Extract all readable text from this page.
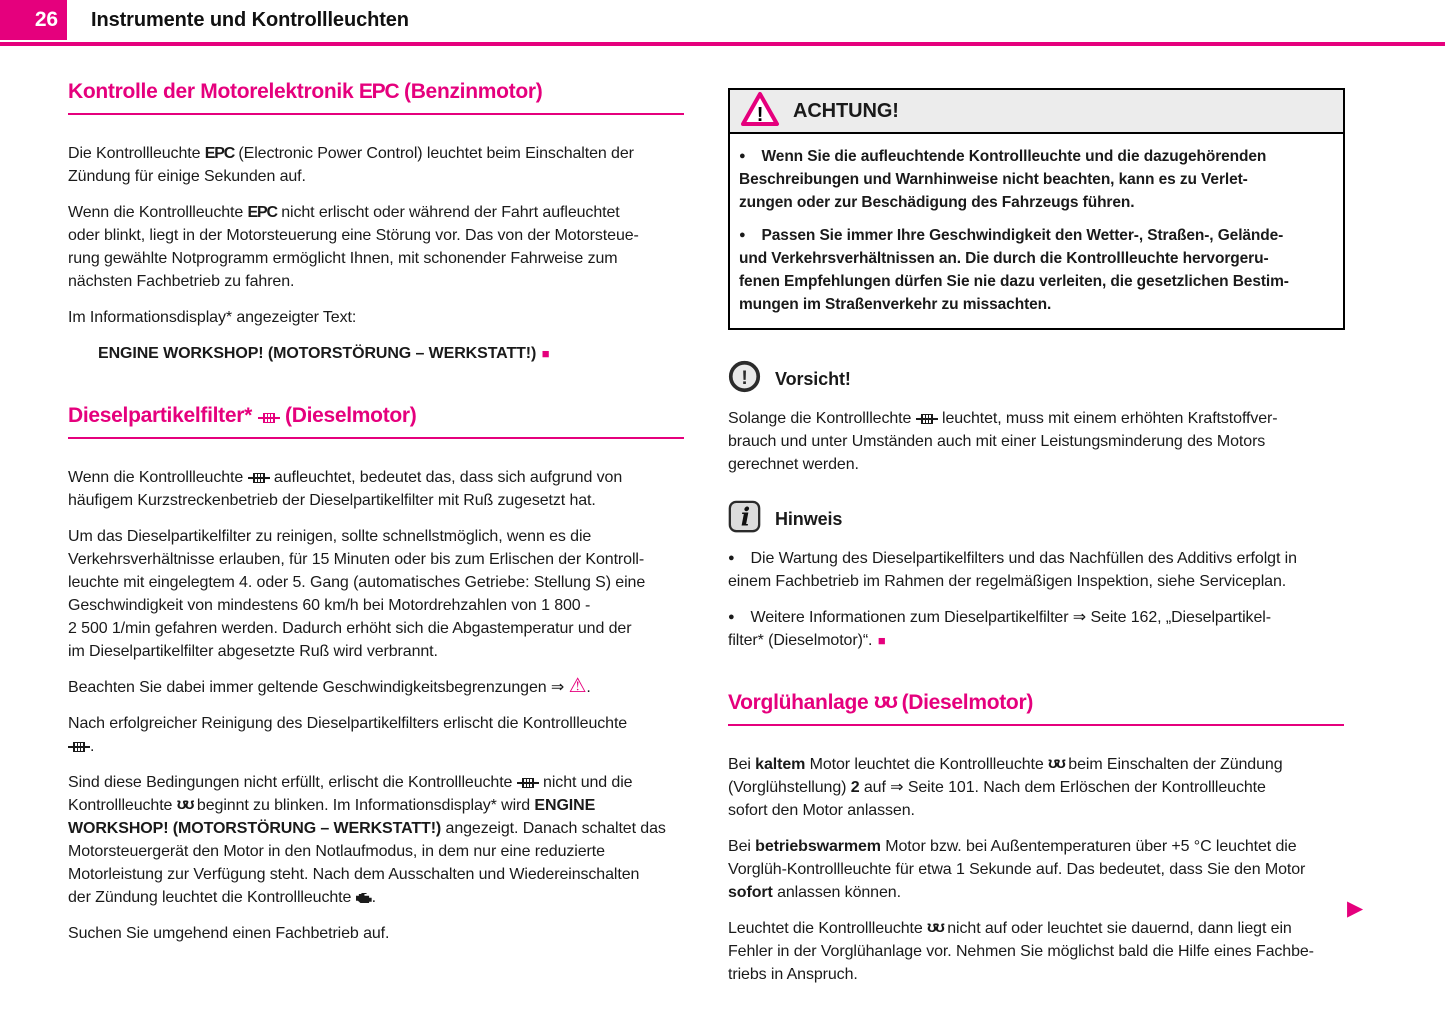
26	Instrumente und Kontrollleuchten
Kontrolle der Motorelektronik EPC (Benzinmotor)

Die Kontrollleuchte EPC (Electronic Power Control) leuchtet beim Einschalten der
Zündung für einige Sekunden auf.

Wenn die Kontrollleuchte EPC nicht erlischt oder während der Fahrt aufleuchtet
oder blinkt, liegt in der Motorsteuerung eine Störung vor. Das von der Motorsteue-
rung gewählte Notprogramm ermöglicht Ihnen, mit schonender Fahrweise zum
nächsten Fachbetrieb zu fahren.

Im Informationsdisplay* angezeigter Text:

ENGINE WORKSHOP! (MOTORSTÖRUNG – WERKSTATT!) ■

Dieselpartikelfilter*  (Dieselmotor)

Wenn die Kontrollleuchte  aufleuchtet, bedeutet das, dass sich aufgrund von
häufigem Kurzstreckenbetrieb der Dieselpartikelfilter mit Ruß zugesetzt hat.

Um das Dieselpartikelfilter zu reinigen, sollte schnellstmöglich, wenn es die
Verkehrsverhältnisse erlauben, für 15 Minuten oder bis zum Erlischen der Kontroll-
leuchte mit eingelegtem 4. oder 5. Gang (automatisches Getriebe: Stellung S) eine
Geschwindigkeit von mindestens 60 km/h bei Motordrehzahlen von 1 800 -
2 500 1/min gefahren werden. Dadurch erhöht sich die Abgastemperatur und der
im Dieselpartikelfilter abgesetzte Ruß wird verbrannt.

Beachten Sie dabei immer geltende Geschwindigkeitsbegrenzungen ⇒ ⚠.

Nach erfolgreicher Reinigung des Dieselpartikelfilters erlischt die Kontrollleuchte
.

Sind diese Bedingungen nicht erfüllt, erlischt die Kontrollleuchte  nicht und die
Kontrollleuchte ʊʊ beginnt zu blinken. Im Informationsdisplay* wird ENGINE
WORKSHOP! (MOTORSTÖRUNG – WERKSTATT!) angezeigt. Danach schaltet das
Motorsteuergerät den Motor in den Notlaufmodus, in dem nur eine reduzierte
Motorleistung zur Verfügung steht. Nach dem Ausschalten und Wiedereinschalten
der Zündung leuchtet die Kontrollleuchte .

Suchen Sie umgehend einen Fachbetrieb auf.

! ACHTUNG!

● Wenn Sie die aufleuchtende Kontrollleuchte und die dazugehörenden
Beschreibungen und Warnhinweise nicht beachten, kann es zu Verlet-
zungen oder zur Beschädigung des Fahrzeugs führen.

● Passen Sie immer Ihre Geschwindigkeit den Wetter-, Straßen-, Gelände-
und Verkehrsverhältnissen an. Die durch die Kontrollleuchte hervorgeru-
fenen Empfehlungen dürfen Sie nie dazu verleiten, die gesetzlichen Bestim-
mungen im Straßenverkehr zu missachten.

! Vorsicht!

Solange die Kontrolllechte  leuchtet, muss mit einem erhöhten Kraftstoffver-
brauch und unter Umständen auch mit einer Leistungsminderung des Motors
gerechnet werden.

i Hinweis

● Die Wartung des Dieselpartikelfilters und das Nachfüllen des Additivs erfolgt in
einem Fachbetrieb im Rahmen der regelmäßigen Inspektion, siehe Serviceplan.

● Weitere Informationen zum Dieselpartikelfilter ⇒ Seite 162, „Dieselpartikel-
filter* (Dieselmotor)“. ■

Vorglühanlage ʊʊ (Dieselmotor)

Bei kaltem Motor leuchtet die Kontrollleuchte ʊʊ beim Einschalten der Zündung
(Vorglühstellung) 2 auf ⇒ Seite 101. Nach dem Erlöschen der Kontrollleuchte
sofort den Motor anlassen.

Bei betriebswarmem Motor bzw. bei Außentemperaturen über +5 °C leuchtet die
Vorglüh-Kontrollleuchte für etwa 1 Sekunde auf. Das bedeutet, dass Sie den Motor
sofort anlassen können.

Leuchtet die Kontrollleuchte ʊʊ nicht auf oder leuchtet sie dauernd, dann liegt ein
Fehler in der Vorglühanlage vor. Nehmen Sie möglichst bald die Hilfe eines Fachbe-
triebs in Anspruch.

▶
